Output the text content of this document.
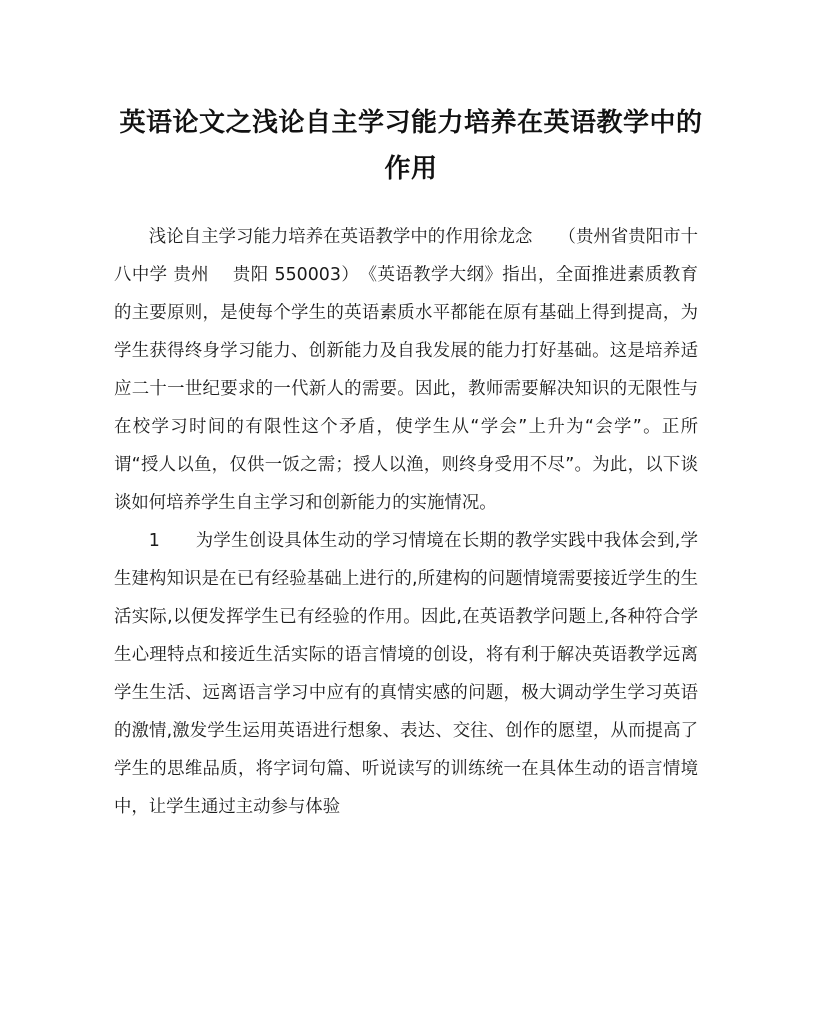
英语论文之浅论自主学习能力培养在英语教学中的作用

浅论自主学习能力培养在英语教学中的作用徐龙念　　（贵州省贵阳市十八中学 贵州　 贵阳 550003）　《英语教学大纲》指出，全面推进素质教育的主要原则，是使每个学生的英语素质水平都能在原有基础上得到提高，为学生获得终身学习能力、创新能力及自我发展的能力打好基础。这是培养适应二十一世纪要求的一代新人的需要。因此，教师需要解决知识的无限性与在校学习时间的有限性这个矛盾，使学生从“学会”上升为“会学”。正所谓“授人以鱼，仅供一饭之需；授人以渔，则终身受用不尽”。为此，以下谈谈如何培养学生自主学习和创新能力的实施情况。

1　　为学生创设具体生动的学习情境在长期的教学实践中我体会到,学生建构知识是在已有经验基础上进行的,所建构的问题情境需要接近学生的生活实际,以便发挥学生已有经验的作用。因此,在英语教学问题上,各种符合学生心理特点和接近生活实际的语言情境的创设，将有利于解决英语教学远离学生生活、远离语言学习中应有的真情实感的问题，极大调动学生学习英语的激情,激发学生运用英语进行想象、表达、交往、创作的愿望，从而提高了学生的思维品质，将字词句篇、听说读写的训练统一在具体生动的语言情境中，让学生通过主动参与体验
